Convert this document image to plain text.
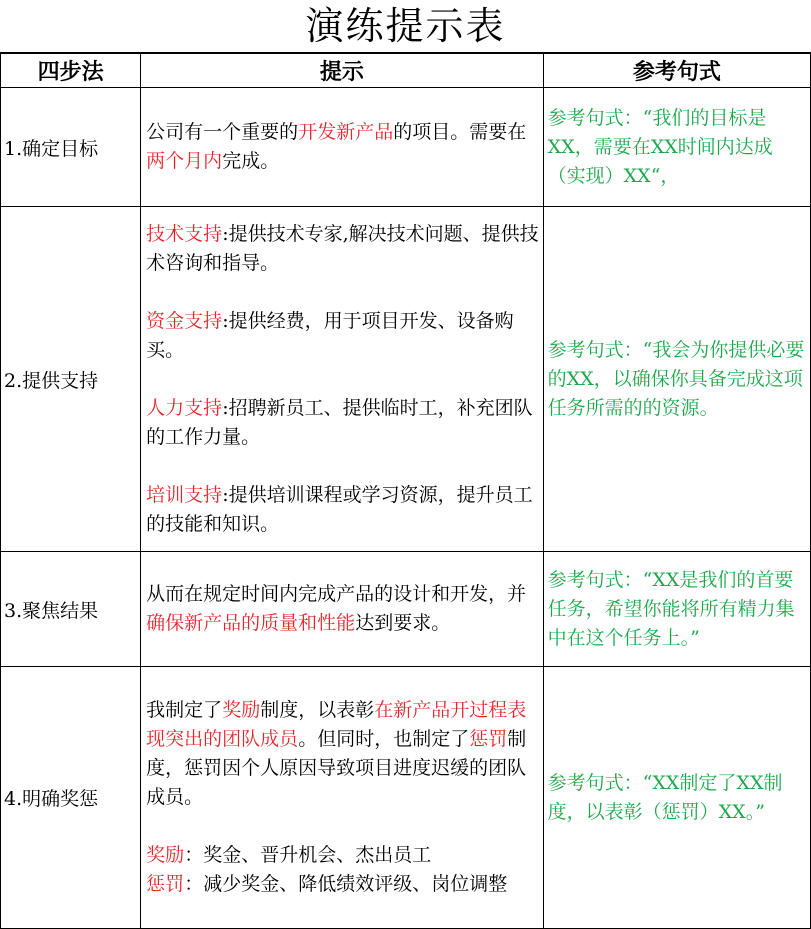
演练提示表
四步法	提示	参考句式
1.确定目标	公司有一个重要的开发新产品的项目。需要在两个月内完成。	参考句式：“我们的目标是XX，需要在XX时间内达成（实现）XX“，
2.提供支持	技术支持:提供技术专家,解决技术问题、提供技术咨询和指导。
资金支持:提供经费，用于项目开发、设备购买。
人力支持:招聘新员工、提供临时工，补充团队的工作力量。
培训支持:提供培训课程或学习资源，提升员工的技能和知识。	参考句式：“我会为你提供必要的XX，以确保你具备完成这项任务所需的的资源。
3.聚焦结果	从而在规定时间内完成产品的设计和开发，并确保新产品的质量和性能达到要求。	参考句式：“XX是我们的首要任务，希望你能将所有精力集中在这个任务上。”
4.明确奖惩	我制定了奖励制度，以表彰在新产品开过程表现突出的团队成员。但同时，也制定了惩罚制度，惩罚因个人原因导致项目进度迟缓的团队成员。
奖励：奖金、晋升机会、杰出员工
惩罚：减少奖金、降低绩效评级、岗位调整	参考句式：“XX制定了XX制度，以表彰（惩罚）XX。”
